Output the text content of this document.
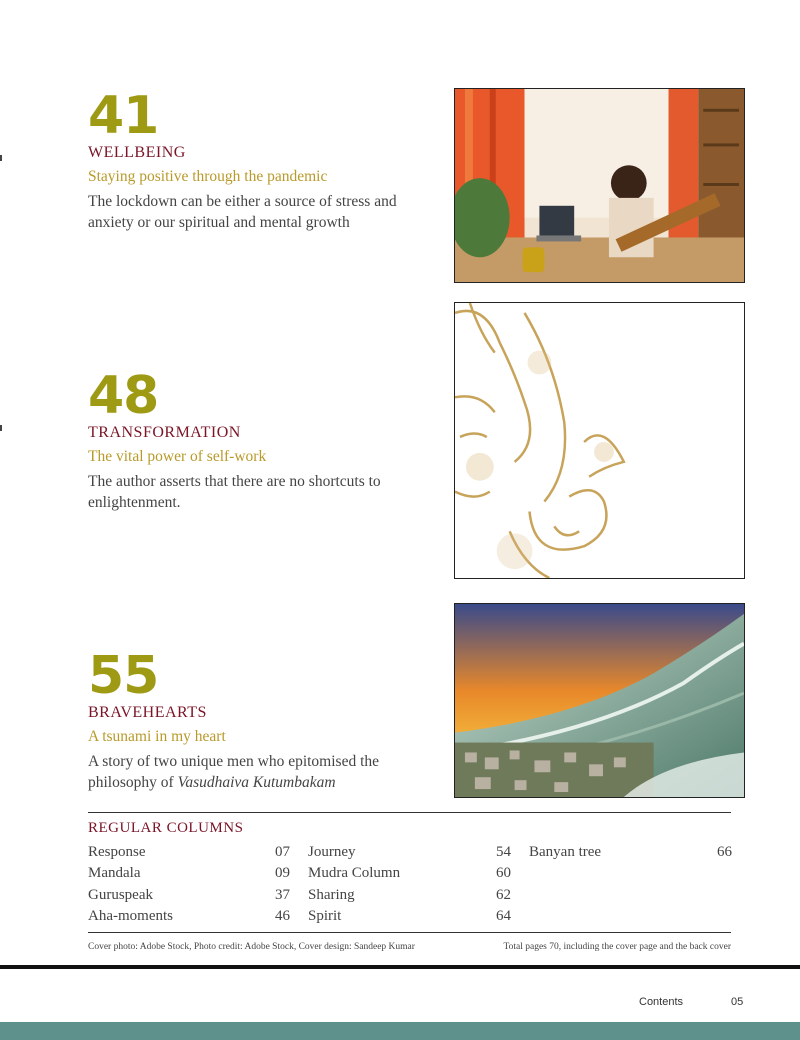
41
WELLBEING
Staying positive through the pandemic
The lockdown can be either a source of stress and anxiety or our spiritual and mental growth
48
TRANSFORMATION
The vital power of self-work
The author asserts that there are no shortcuts to enlightenment.
55
BRAVEHEARTS
A tsunami in my heart
A story of two unique men who epitomised the philosophy of Vasudhaiva Kutumbakam
REGULAR COLUMNS
Response	07
Mandala	09
Guruspeak	37
Aha-moments	46
Journey	54
Mudra Column	60
Sharing	62
Spirit	64
Banyan tree	66
Cover photo: Adobe Stock, Photo credit: Adobe Stock, Cover design: Sandeep Kumar	Total pages 70, including the cover page and the back cover
Contents	05
